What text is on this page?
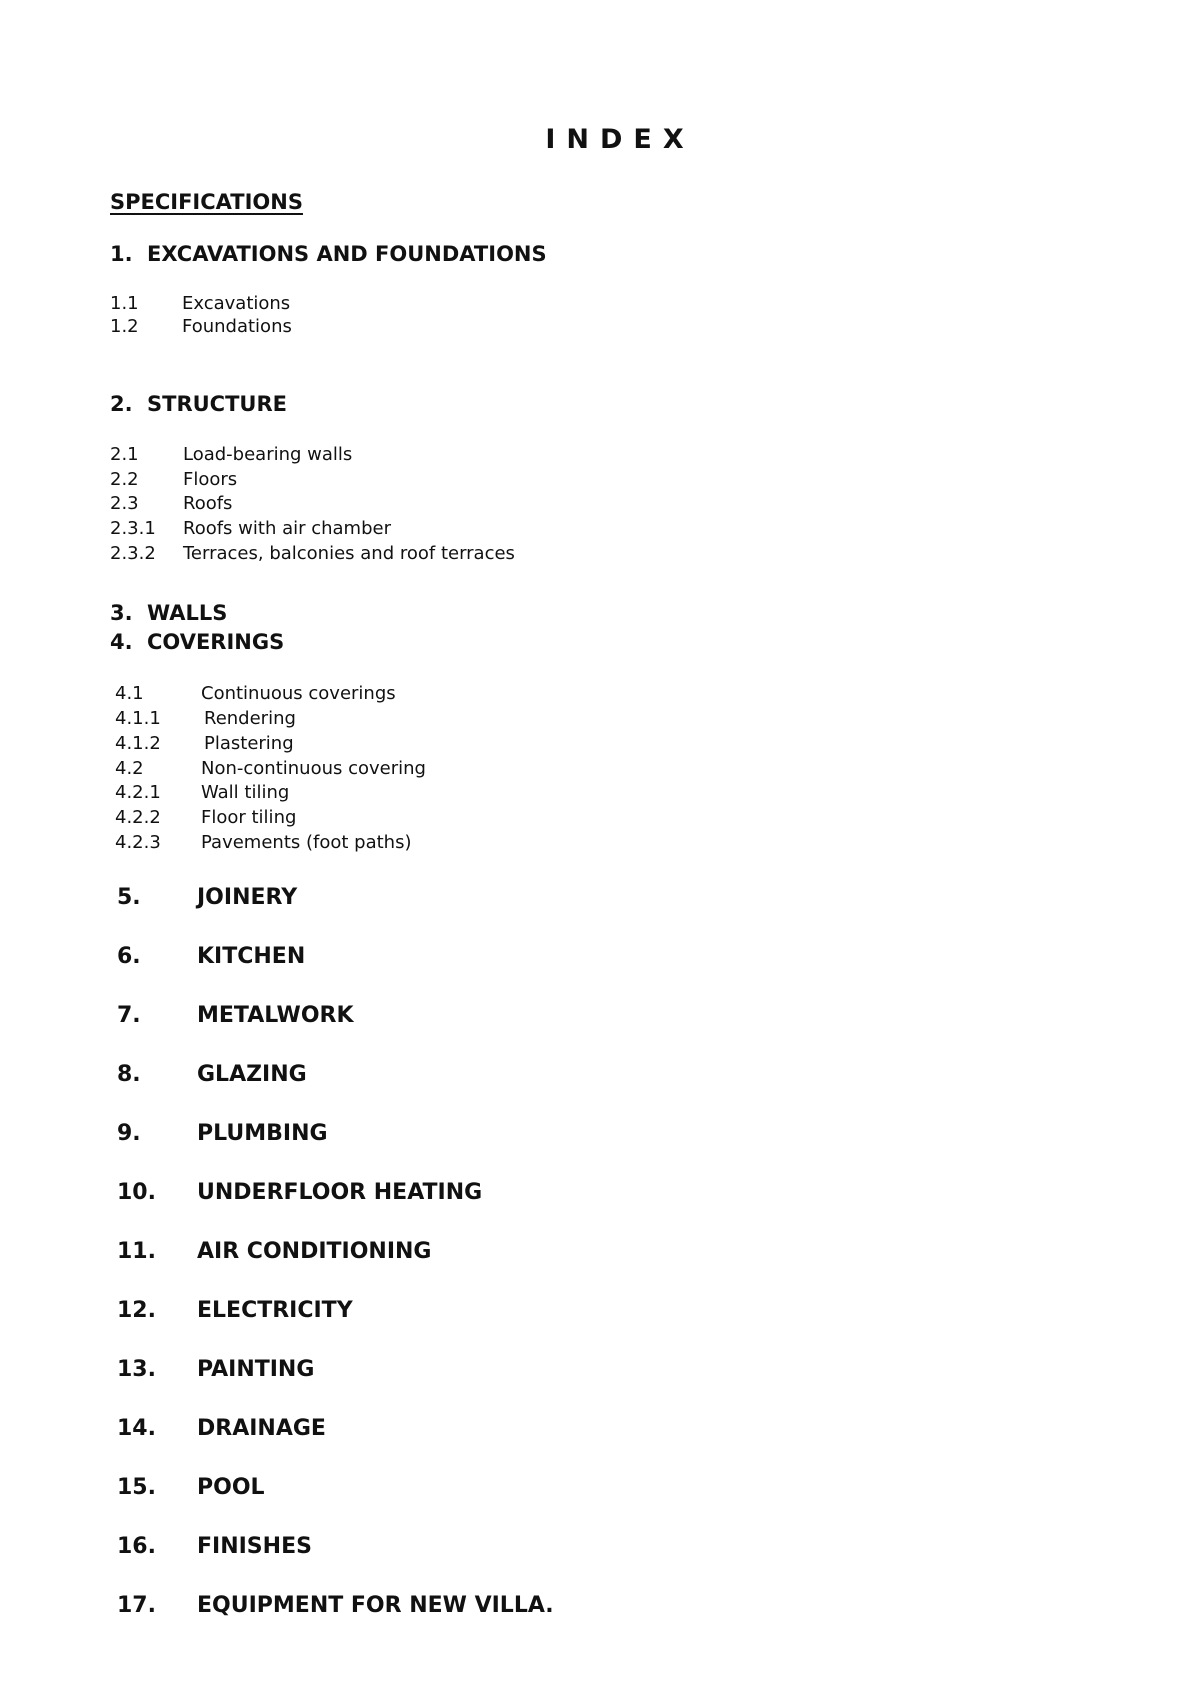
INDEX
SPECIFICATIONS
1. EXCAVATIONS AND FOUNDATIONS
1.1 Excavations
1.2 Foundations
2. STRUCTURE
2.1 Load-bearing walls
2.2 Floors
2.3 Roofs
2.3.1 Roofs with air chamber
2.3.2 Terraces, balconies and roof terraces
3. WALLS
4. COVERINGS
4.1	Continuous coverings
4.1.1 Rendering
4.1.2 Plastering
4.2	Non-continuous covering
4.2.1 Wall tiling
4.2.2 Floor tiling
4.2.3 Pavements (foot paths)
5.	JOINERY
6.	KITCHEN
7.	METALWORK
8.	GLAZING
9.	PLUMBING
10. UNDERFLOOR HEATING
11. AIR CONDITIONING
12. ELECTRICITY
13. PAINTING
14. DRAINAGE
15. POOL
16. FINISHES
17. EQUIPMENT FOR NEW VILLA.
